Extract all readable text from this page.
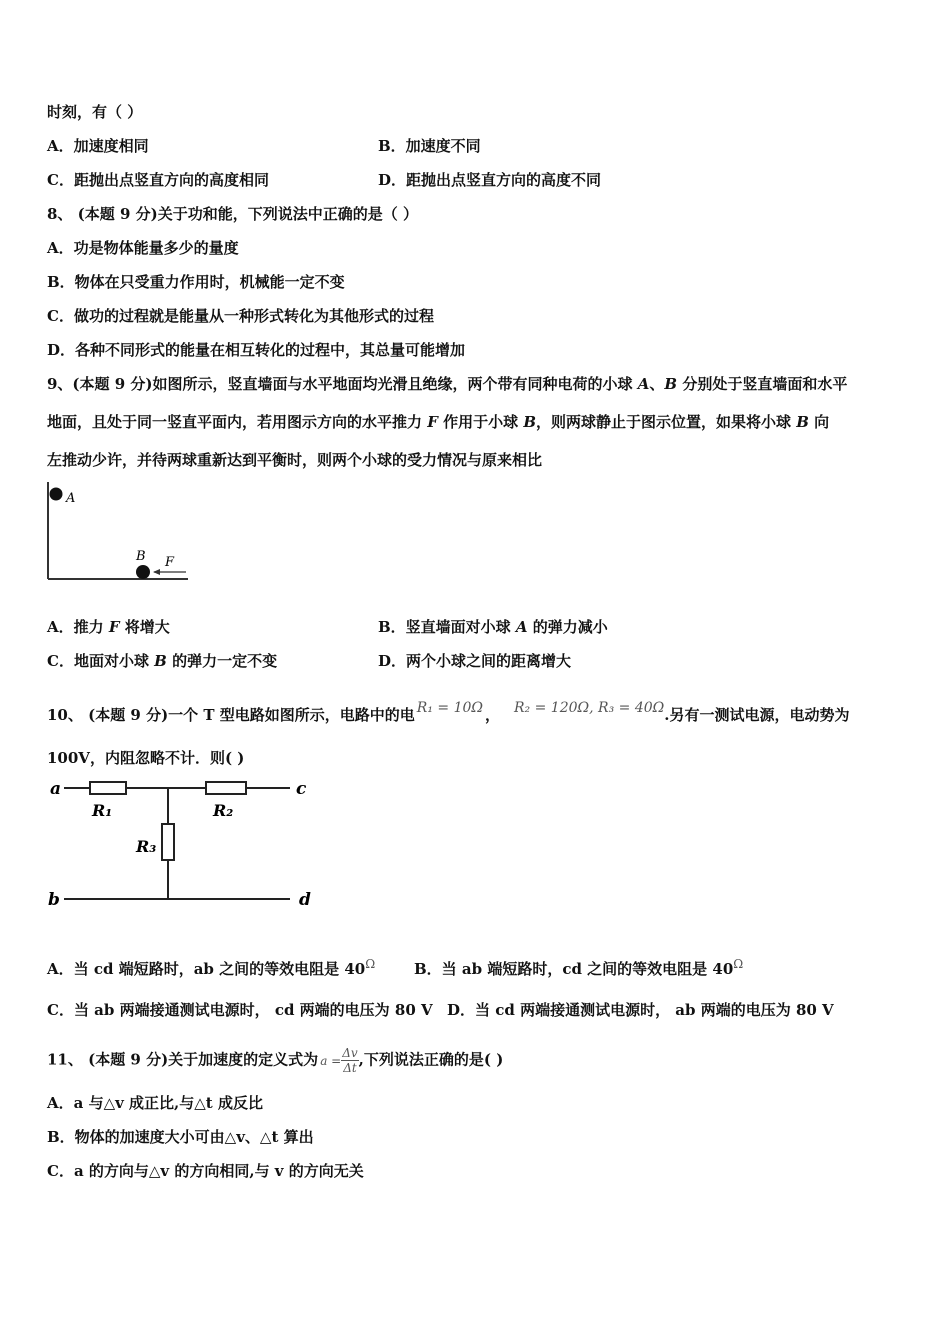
时刻，有（ ）
A．加速度相同	B．加速度不同
C．距抛出点竖直方向的高度相同	D．距抛出点竖直方向的高度不同
8、 (本题 9 分)关于功和能，下列说法中正确的是（ ）
A．功是物体能量多少的量度
B．物体在只受重力作用时，机械能一定不变
C．做功的过程就是能量从一种形式转化为其他形式的过程
D．各种不同形式的能量在相互转化的过程中，其总量可能增加
9、(本题 9 分)如图所示，竖直墙面与水平地面均光滑且绝缘，两个带有同种电荷的小球 A、B 分别处于竖直墙面和水平
地面，且处于同一竖直平面内，若用图示方向的水平推力 F 作用于小球 B，则两球静止于图示位置，如果将小球 B 向
左推动少许，并待两球重新达到平衡时，则两个小球的受力情况与原来相比
A
B F
A．推力 F 将增大	B．竖直墙面对小球 A 的弹力减小
C．地面对小球 B 的弹力一定不变	D．两个小球之间的距离增大
10、 (本题 9 分)一个 T 型电路如图所示，电路中的电 R₁ = 10Ω ， R₂ = 120Ω, R₃ = 40Ω.另有一测试电源，电动势为
100V，内阻忽略不计．则( )
a
b
c
d
R₁	R₂
R₃
A．当 cd 端短路时，ab 之间的等效电阻是 $40^\Omega$	B．当 ab 端短路时，cd 之间的等效电阻是 $40^\Omega$
C．当 ab 两端接通测试电源时， cd 两端的电压为 80 V D．当 cd 两端接通测试电源时， ab 两端的电压为 80 V
11、 (本题 9 分)关于加速度的定义式为 $a = \frac{\Delta v}{\Delta t}$ ,下列说法正确的是( )
A．a 与△v 成正比,与△t 成反比
B．物体的加速度大小可由△v、△t 算出
C．a 的方向与△v 的方向相同,与 v 的方向无关
